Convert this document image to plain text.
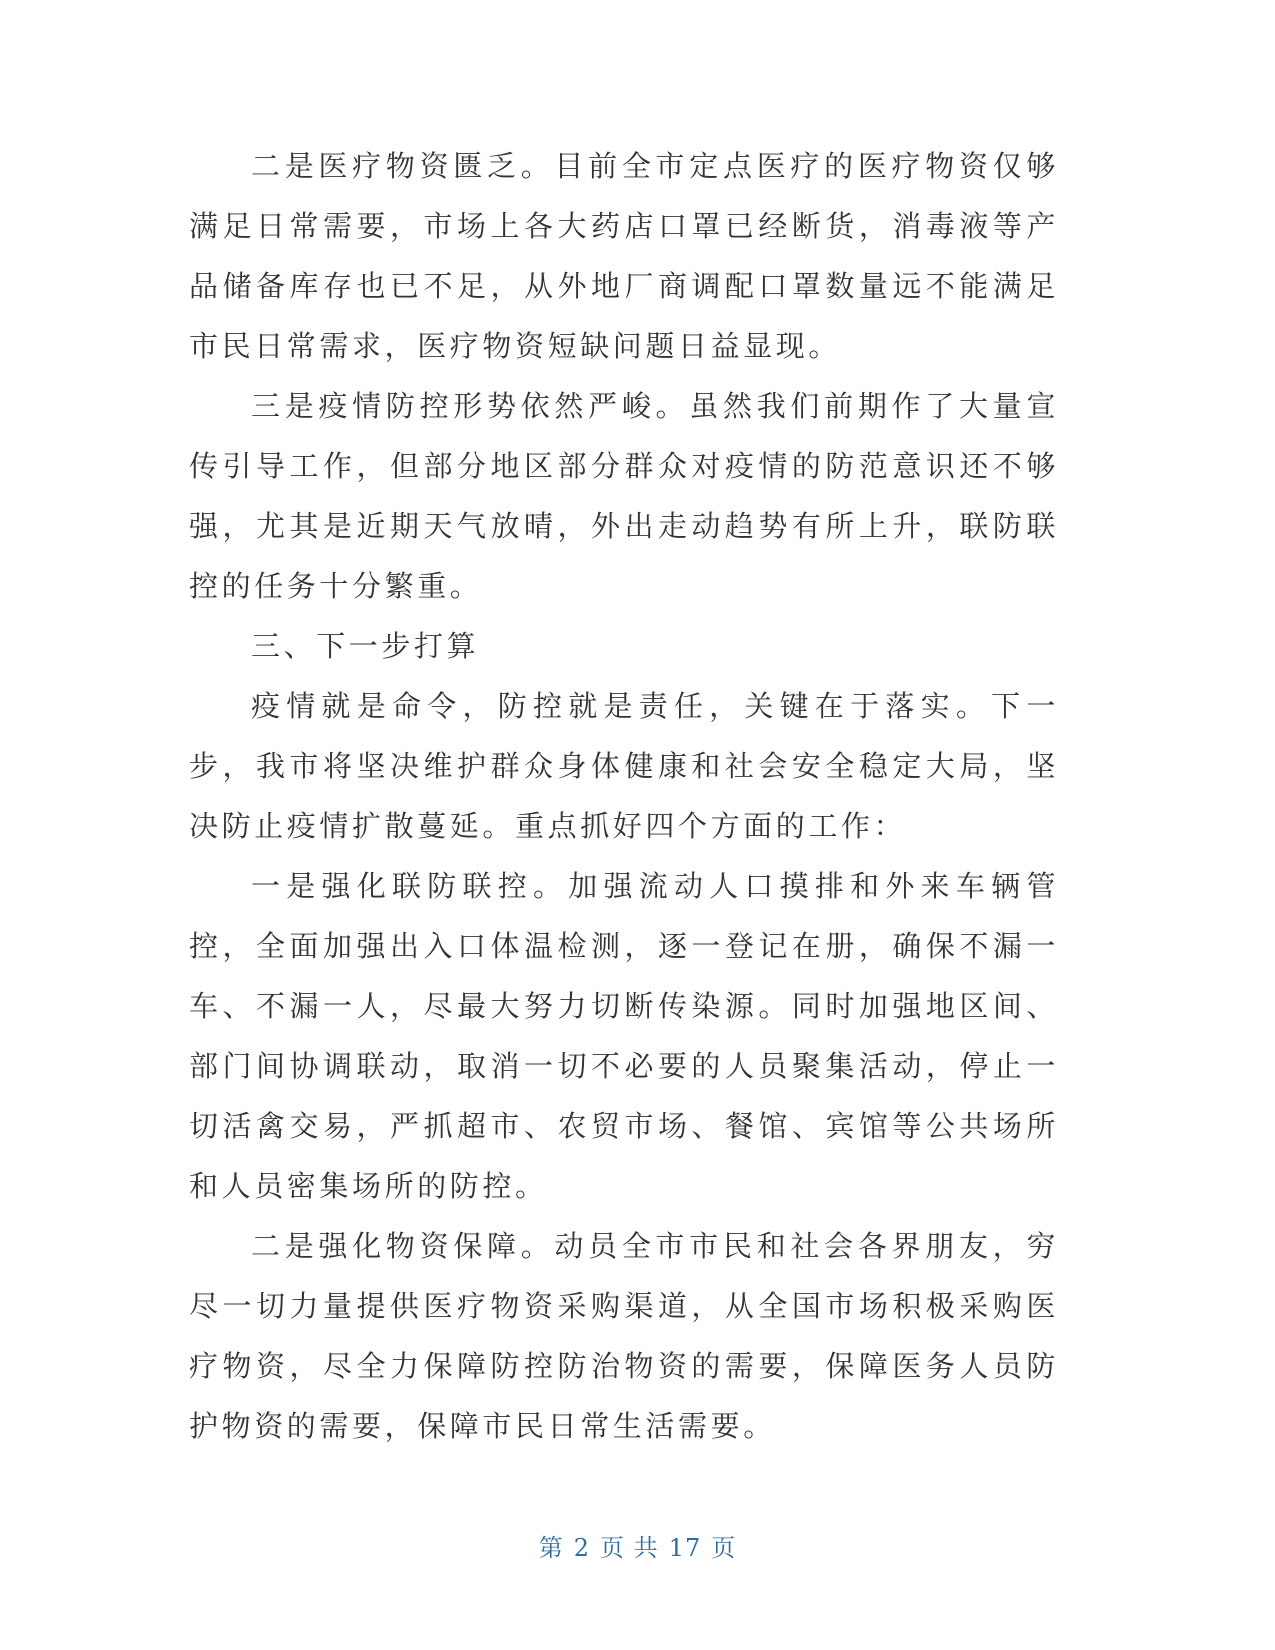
二是医疗物资匮乏。目前全市定点医疗的医疗物资仅够满足日常需要，市场上各大药店口罩已经断货，消毒液等产品储备库存也已不足，从外地厂商调配口罩数量远不能满足市民日常需求，医疗物资短缺问题日益显现。

三是疫情防控形势依然严峻。虽然我们前期作了大量宣传引导工作，但部分地区部分群众对疫情的防范意识还不够强，尤其是近期天气放晴，外出走动趋势有所上升，联防联控的任务十分繁重。

三、下一步打算

疫情就是命令，防控就是责任，关键在于落实。下一步，我市将坚决维护群众身体健康和社会安全稳定大局，坚决防止疫情扩散蔓延。重点抓好四个方面的工作：

一是强化联防联控。加强流动人口摸排和外来车辆管控，全面加强出入口体温检测，逐一登记在册，确保不漏一车、不漏一人，尽最大努力切断传染源。同时加强地区间、部门间协调联动，取消一切不必要的人员聚集活动，停止一切活禽交易，严抓超市、农贸市场、餐馆、宾馆等公共场所和人员密集场所的防控。

二是强化物资保障。动员全市市民和社会各界朋友，穷尽一切力量提供医疗物资采购渠道，从全国市场积极采购医疗物资，尽全力保障防控防治物资的需要，保障医务人员防护物资的需要，保障市民日常生活需要。

第 2 页 共 17 页
